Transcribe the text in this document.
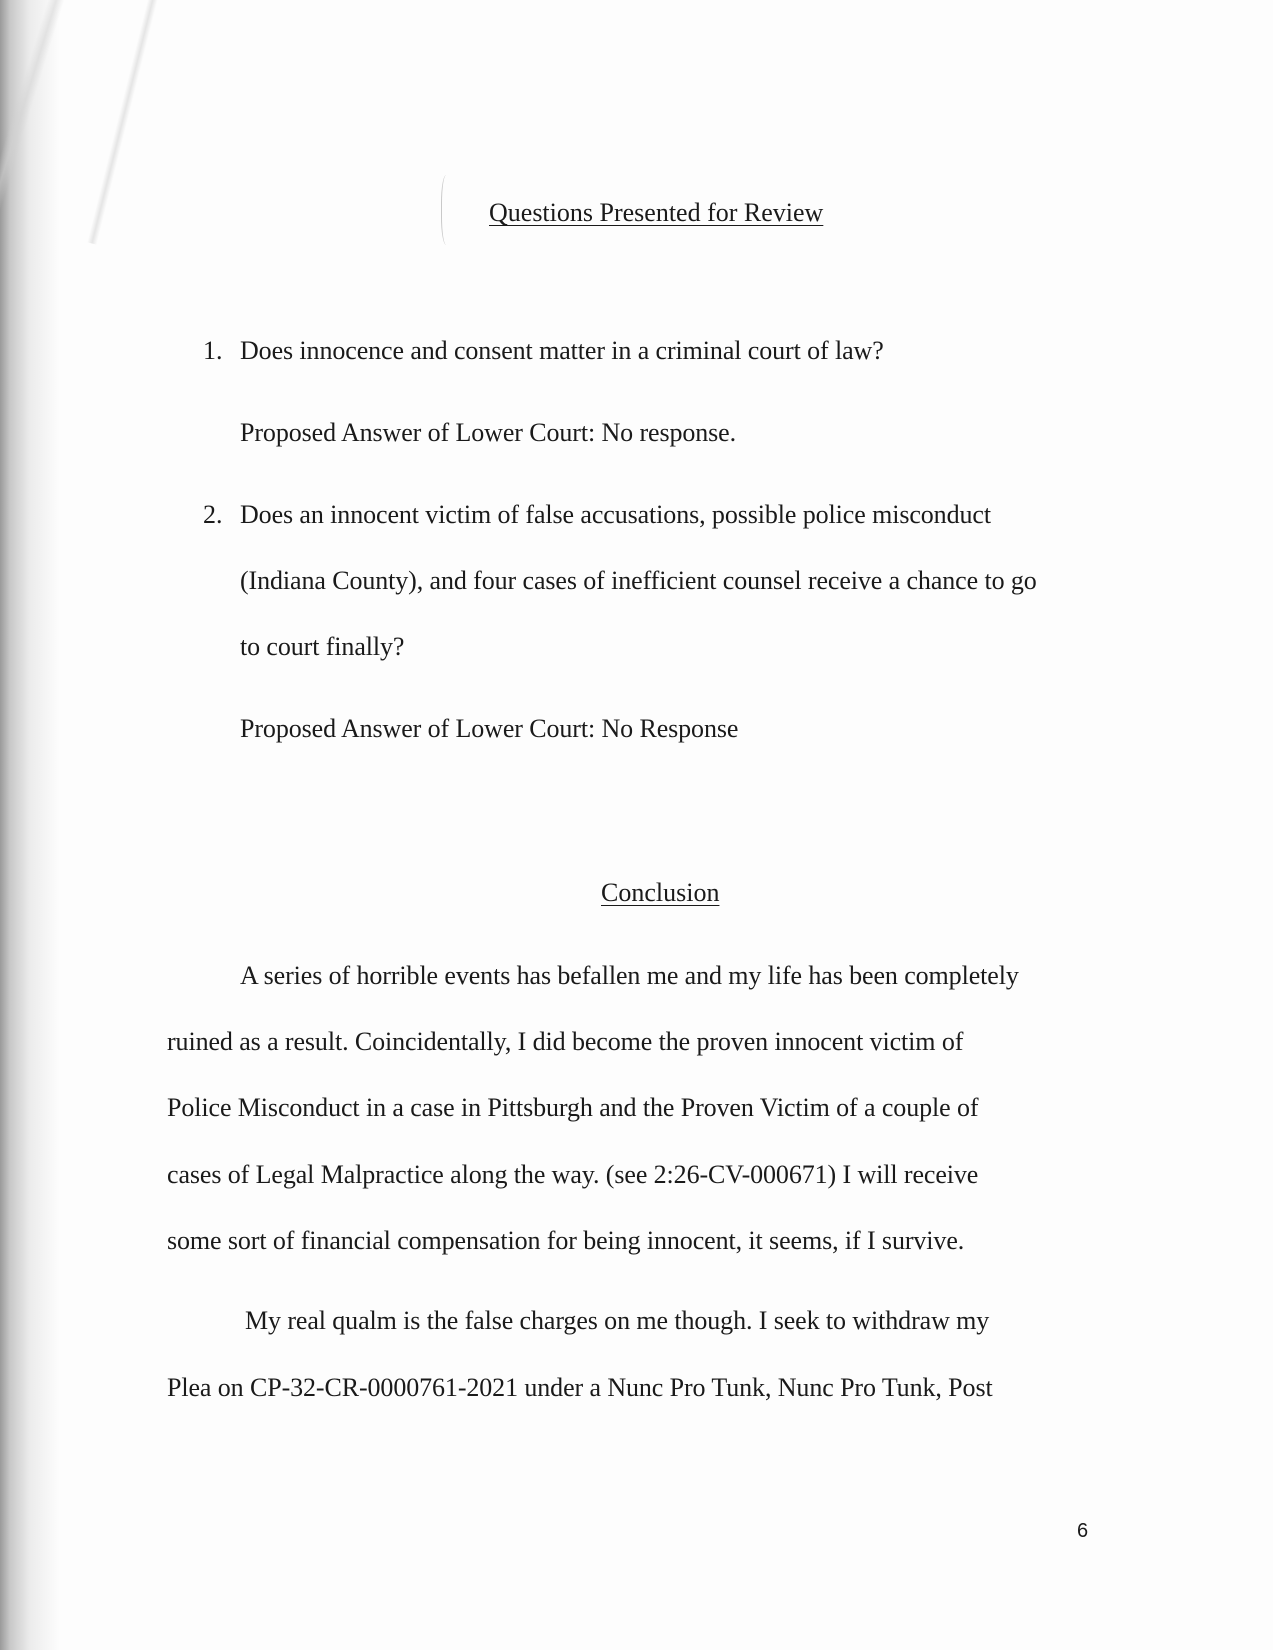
Questions Presented for Review
1. Does innocence and consent matter in a criminal court of law?
Proposed Answer of Lower Court: No response.
2. Does an innocent victim of false accusations, possible police misconduct
(Indiana County), and four cases of inefficient counsel receive a chance to go
to court finally?
Proposed Answer of Lower Court: No Response
Conclusion
A series of horrible events has befallen me and my life has been completely
ruined as a result. Coincidentally, I did become the proven innocent victim of
Police Misconduct in a case in Pittsburgh and the Proven Victim of a couple of
cases of Legal Malpractice along the way. (see 2:26-CV-000671) I will receive
some sort of financial compensation for being innocent, it seems, if I survive.
My real qualm is the false charges on me though. I seek to withdraw my
Plea on CP-32-CR-0000761-2021 under a Nunc Pro Tunk, Nunc Pro Tunk, Post
6
